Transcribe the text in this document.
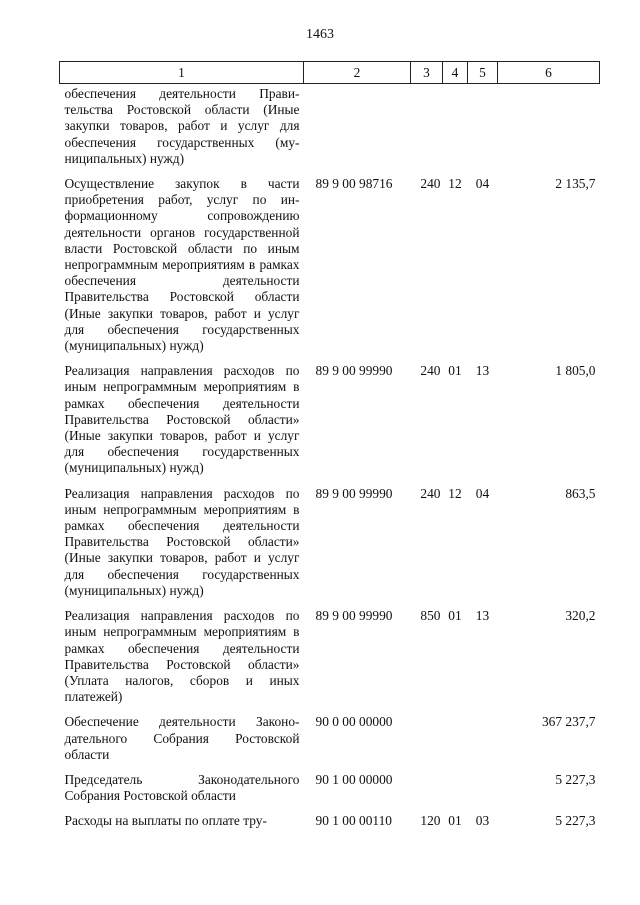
1463
1	2	3	4	5	6
обеспечения деятельности Правительства Ростовской области (Иные закупки товаров, работ и услуг для обеспечения государственных (муниципальных) нужд)					
Осуществление закупок в части приобретения работ, услуг по информационному сопровождению деятельности органов государственной власти Ростовской области по иным непрограммным мероприятиям в рамках обеспечения деятельности Правительства Ростовской области (Иные закупки товаров, работ и услуг для обеспечения государственных (муниципальных) нужд)	89 9 00 98716	240	12	04	2 135,7
Реализация направления расходов по иным непрограммным мероприятиям в рамках обеспечения деятельности Правительства Ростовской области» (Иные закупки товаров, работ и услуг для обеспечения государственных (муниципальных) нужд)	89 9 00 99990	240	01	13	1 805,0
Реализация направления расходов по иным непрограммным мероприятиям в рамках обеспечения деятельности Правительства Ростовской области» (Иные закупки товаров, работ и услуг для обеспечения государственных (муниципальных) нужд)	89 9 00 99990	240	12	04	863,5
Реализация направления расходов по иным непрограммным мероприятиям в рамках обеспечения деятельности Правительства Ростовской области» (Уплата налогов, сборов и иных платежей)	89 9 00 99990	850	01	13	320,2
Обеспечение деятельности Законодательного Собрания Ростовской области	90 0 00 00000				367 237,7
Председатель Законодательного Собрания Ростовской области	90 1 00 00000				5 227,3
Расходы на выплаты по оплате тру-	90 1 00 00110	120	01	03	5 227,3
